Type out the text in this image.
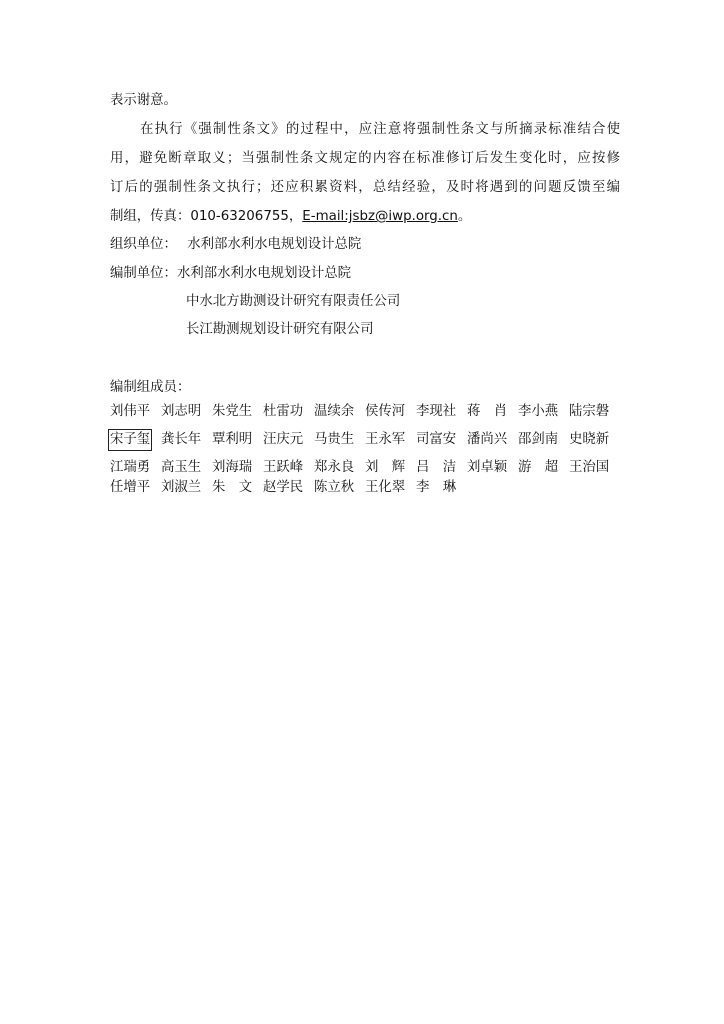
表示谢意。
在执行《强制性条文》的过程中，应注意将强制性条文与所摘录标准结合使
用，避免断章取义；当强制性条文规定的内容在标准修订后发生变化时，应按修
订后的强制性条文执行；还应积累资料，总结经验，及时将遇到的问题反馈至编
制组，传真：010-63206755，E-mail:jsbz@iwp.org.cn。
组织单位： 水利部水利水电规划设计总院
编制单位：水利部水利水电规划设计总院
中水北方勘测设计研究有限责任公司
长江勘测规划设计研究有限公司
编制组成员：
刘伟平 刘志明 朱党生 杜雷功 温续余 侯传河 李现社 蒋　肖 李小燕 陆宗磐
宋子玺 龚长年 覃利明 汪庆元 马贵生 王永军 司富安 潘尚兴 邵剑南 史晓新
江瑞勇 高玉生 刘海瑞 王跃峰 郑永良 刘　辉 吕　洁 刘卓颖 游　超 王治国
任增平 刘淑兰 朱　文 赵学民 陈立秋 王化翠 李　琳
